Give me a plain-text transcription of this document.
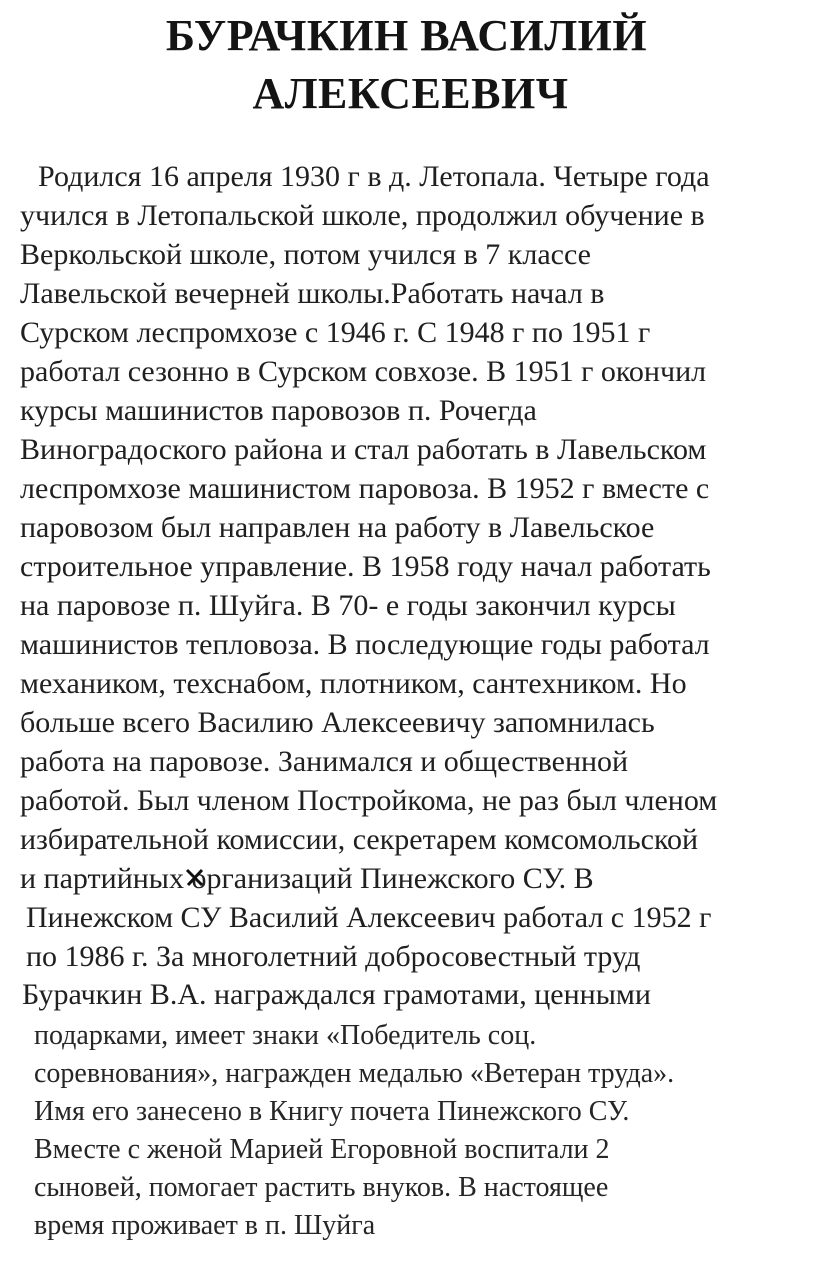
БУРАЧКИН ВАСИЛИЙ
АЛЕКСЕЕВИЧ
Родился 16 апреля 1930 г в д. Летопала. Четыре года
учился в Летопальской школе, продолжил обучение в
Веркольской школе, потом учился в 7 классе
Лавельской вечерней школы.Работать начал в
Сурском леспромхозе с 1946 г. С 1948 г по 1951 г
работал сезонно в Сурском совхозе. В 1951 г окончил
курсы машинистов паровозов п. Рочегда
Виноградоского района и стал работать в Лавельском
леспромхозе машинистом паровоза. В 1952 г вместе с
паровозом был направлен на работу в Лавельское
строительное управление. В 1958 году начал работать
на паровозе п. Шуйга. В 70- е годы закончил курсы
машинистов тепловоза. В последующие годы работал
механиком, техснабом, плотником, сантехником. Но
больше всего Василию Алексеевичу запомнилась
работа на паровозе. Занимался и общественной
работой. Был членом Постройкома, не раз был членом
избирательной комиссии, секретарем комсомольской
и партийных организаций Пинежского СУ. В
Пинежском СУ Василий Алексеевич работал с 1952 г
по 1986 г. За многолетний добросовестный труд
Бурачкин В.А. награждался грамотами, ценными
подарками, имеет знаки «Победитель соц.
соревнования», награжден медалью «Ветеран труда».
Имя его занесено в Книгу почета Пинежского СУ.
Вместе с женой Марией Егоровной воспитали 2
сыновей, помогает растить внуков. В настоящее
время проживает в п. Шуйга
